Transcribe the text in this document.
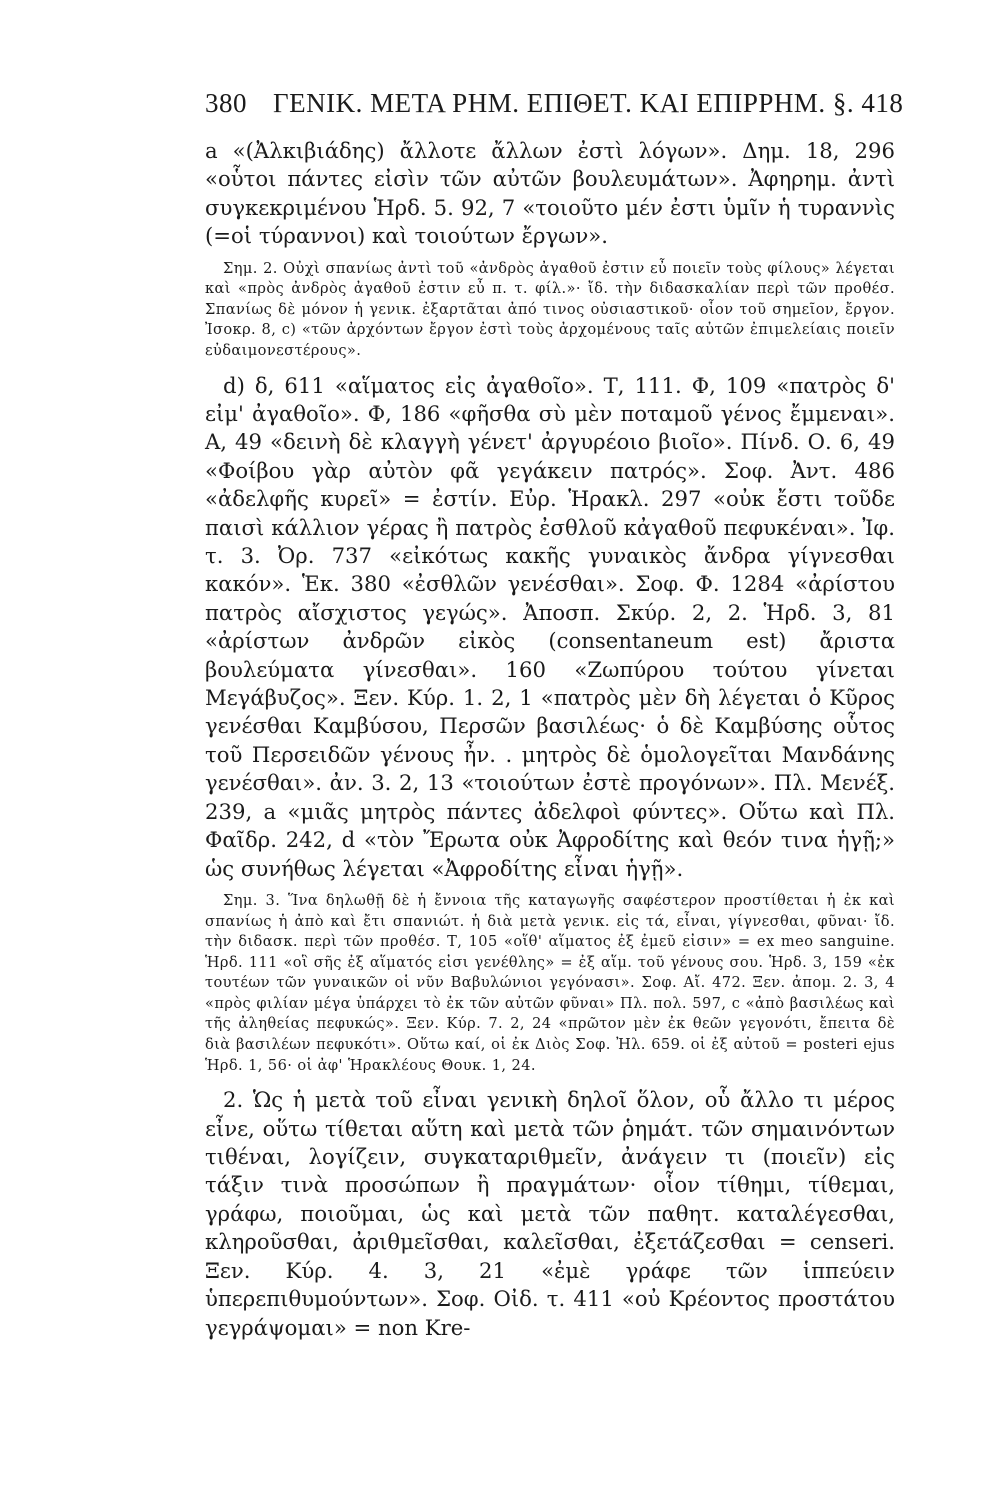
380 ΓΕΝΙΚ. ΜΕΤΑ ΡΗΜ. ΕΠΙΘΕΤ. ΚΑΙ ΕΠΙΡΡΗΜ. §. 418

a «(Ἀλκιβιάδης) ἄλλοτε ἄλλων ἐστὶ λόγων». Δημ. 18, 296 «οὗτοι πάντες εἰσὶν τῶν αὐτῶν βουλευμάτων». Ἀφηρημ. ἀντὶ συγκεκριμένου Ἡρδ. 5. 92, 7 «τοιοῦτο μέν ἐστι ὑμῖν ἡ τυραννὶς (=οἱ τύραννοι) καὶ τοιούτων ἔργων».

Σημ. 2. Οὐχὶ σπανίως ἀντὶ τοῦ «ἀνδρὸς ἀγαθοῦ ἐστιν εὖ ποιεῖν τοὺς φίλους» λέγεται καὶ «πρὸς ἀνδρὸς ἀγαθοῦ ἐστιν εὖ π. τ. φίλ.»· ἴδ. τὴν διδασκαλίαν περὶ τῶν προθέσ. Σπανίως δὲ μόνον ἡ γενικ. ἐξαρτᾶται ἀπό τινος οὐσιαστικοῦ· οἷον τοῦ σημεῖον, ἔργον. Ἰσοκρ. 8, c) «τῶν ἀρχόντων ἔργον ἐστὶ τοὺς ἀρχομένους ταῖς αὐτῶν ἐπιμελείαις ποιεῖν εὐδαιμονεστέρους».

d) δ, 611 «αἵματος εἰς ἀγαθοῖο». Τ, 111. Φ, 109 «πατρὸς δ' εἰμ' ἀγαθοῖο». Φ, 186 «φῆσθα σὺ μὲν ποταμοῦ γένος ἔμμεναι». Α, 49 «δεινὴ δὲ κλαγγὴ γένετ' ἀργυρέοιο βιοῖο». Πίνδ. Ο. 6, 49 «Φοίβου γὰρ αὐτὸν φᾶ γεγάκειν πατρός». Σοφ. Ἀντ. 486 «ἀδελφῆς κυρεῖ» = ἐστίν. Εὐρ. Ἡρακλ. 297 «οὐκ ἔστι τοῦδε παισὶ κάλλιον γέρας ἢ πατρὸς ἐσθλοῦ κἀγαθοῦ πεφυκέναι». Ἰφ. τ. 3. Ὀρ. 737 «εἰκότως κακῆς γυναικὸς ἄνδρα γίγνεσθαι κακόν». Ἑκ. 380 «ἐσθλῶν γενέσθαι». Σοφ. Φ. 1284 «ἀρίστου πατρὸς αἴσχιστος γεγώς». Ἀποσπ. Σκύρ. 2, 2. Ἡρδ. 3, 81 «ἀρίστων ἀνδρῶν εἰκὸς (consentaneum est) ἄριστα βουλεύματα γίνεσθαι». 160 «Ζωπύρου τούτου γίνεται Μεγάβυζος». Ξεν. Κύρ. 1. 2, 1 «πατρὸς μὲν δὴ λέγεται ὁ Κῦρος γενέσθαι Καμβύσου, Περσῶν βασιλέως· ὁ δὲ Καμβύσης οὗτος τοῦ Περσειδῶν γένους ἦν. . μητρὸς δὲ ὁμολογεῖται Μανδάνης γενέσθαι». ἀν. 3. 2, 13 «τοιούτων ἐστὲ προγόνων». Πλ. Μενέξ. 239, a «μιᾶς μητρὸς πάντες ἀδελφοὶ φύντες». Οὕτω καὶ Πλ. Φαῖδρ. 242, d «τὸν Ἔρωτα οὐκ Ἀφροδίτης καὶ θεόν τινα ἡγῇ;» ὡς συνήθως λέγεται «Ἀφροδίτης εἶναι ἡγῇ».

Σημ. 3. Ἵνα δηλωθῇ δὲ ἡ ἔννοια τῆς καταγωγῆς σαφέστερον προστίθεται ἡ ἐκ καὶ σπανίως ἡ ἀπὸ καὶ ἔτι σπανιώτ. ἡ διὰ μετὰ γενικ. εἰς τά, εἶναι, γίγνεσθαι, φῦναι· ἴδ. τὴν διδασκ. περὶ τῶν προθέσ. Τ, 105 «οἵθ' αἵματος ἐξ ἐμεῦ εἰσιν» = ex meo sanguine. Ἡρδ. 111 «οἳ σῆς ἐξ αἵματός εἰσι γενέθλης» = ἐξ αἵμ. τοῦ γένους σου. Ἡρδ. 3, 159 «ἐκ τουτέων τῶν γυναικῶν οἱ νῦν Βαβυλώνιοι γεγόνασι». Σοφ. Αἴ. 472. Ξεν. ἀπομ. 2. 3, 4 «πρὸς φιλίαν μέγα ὑπάρχει τὸ ἐκ τῶν αὐτῶν φῦναι» Πλ. πολ. 597, c «ἀπὸ βασιλέως καὶ τῆς ἀληθείας πεφυκώς». Ξεν. Κύρ. 7. 2, 24 «πρῶτον μὲν ἐκ θεῶν γεγονότι, ἔπειτα δὲ διὰ βασιλέων πεφυκότι». Οὕτω καί, οἱ ἐκ Διὸς Σοφ. Ἠλ. 659. οἱ ἐξ αὐτοῦ = posteri ejus Ἡρδ. 1, 56· οἱ ἀφ' Ἡρακλέους Θουκ. 1, 24.

2. Ὡς ἡ μετὰ τοῦ εἶναι γενικὴ δηλοῖ ὅλον, οὗ ἄλλο τι μέρος εἶνε, οὕτω τίθεται αὕτη καὶ μετὰ τῶν ῥημάτ. τῶν σημαινόντων τιθέναι, λογίζειν, συγκαταριθμεῖν, ἀνάγειν τι (ποιεῖν) εἰς τάξιν τινὰ προσώπων ἢ πραγμάτων· οἷον τίθημι, τίθεμαι, γράφω, ποιοῦμαι, ὡς καὶ μετὰ τῶν παθητ. καταλέγεσθαι, κληροῦσθαι, ἀριθμεῖσθαι, καλεῖσθαι, ἐξετάζεσθαι = censeri. Ξεν. Κύρ. 4. 3, 21 «ἐμὲ γράφε τῶν ἱππεύειν ὑπερεπιθυμούντων». Σοφ. Οἰδ. τ. 411 «οὐ Κρέοντος προστάτου γεγράψομαι» = non Kre-
